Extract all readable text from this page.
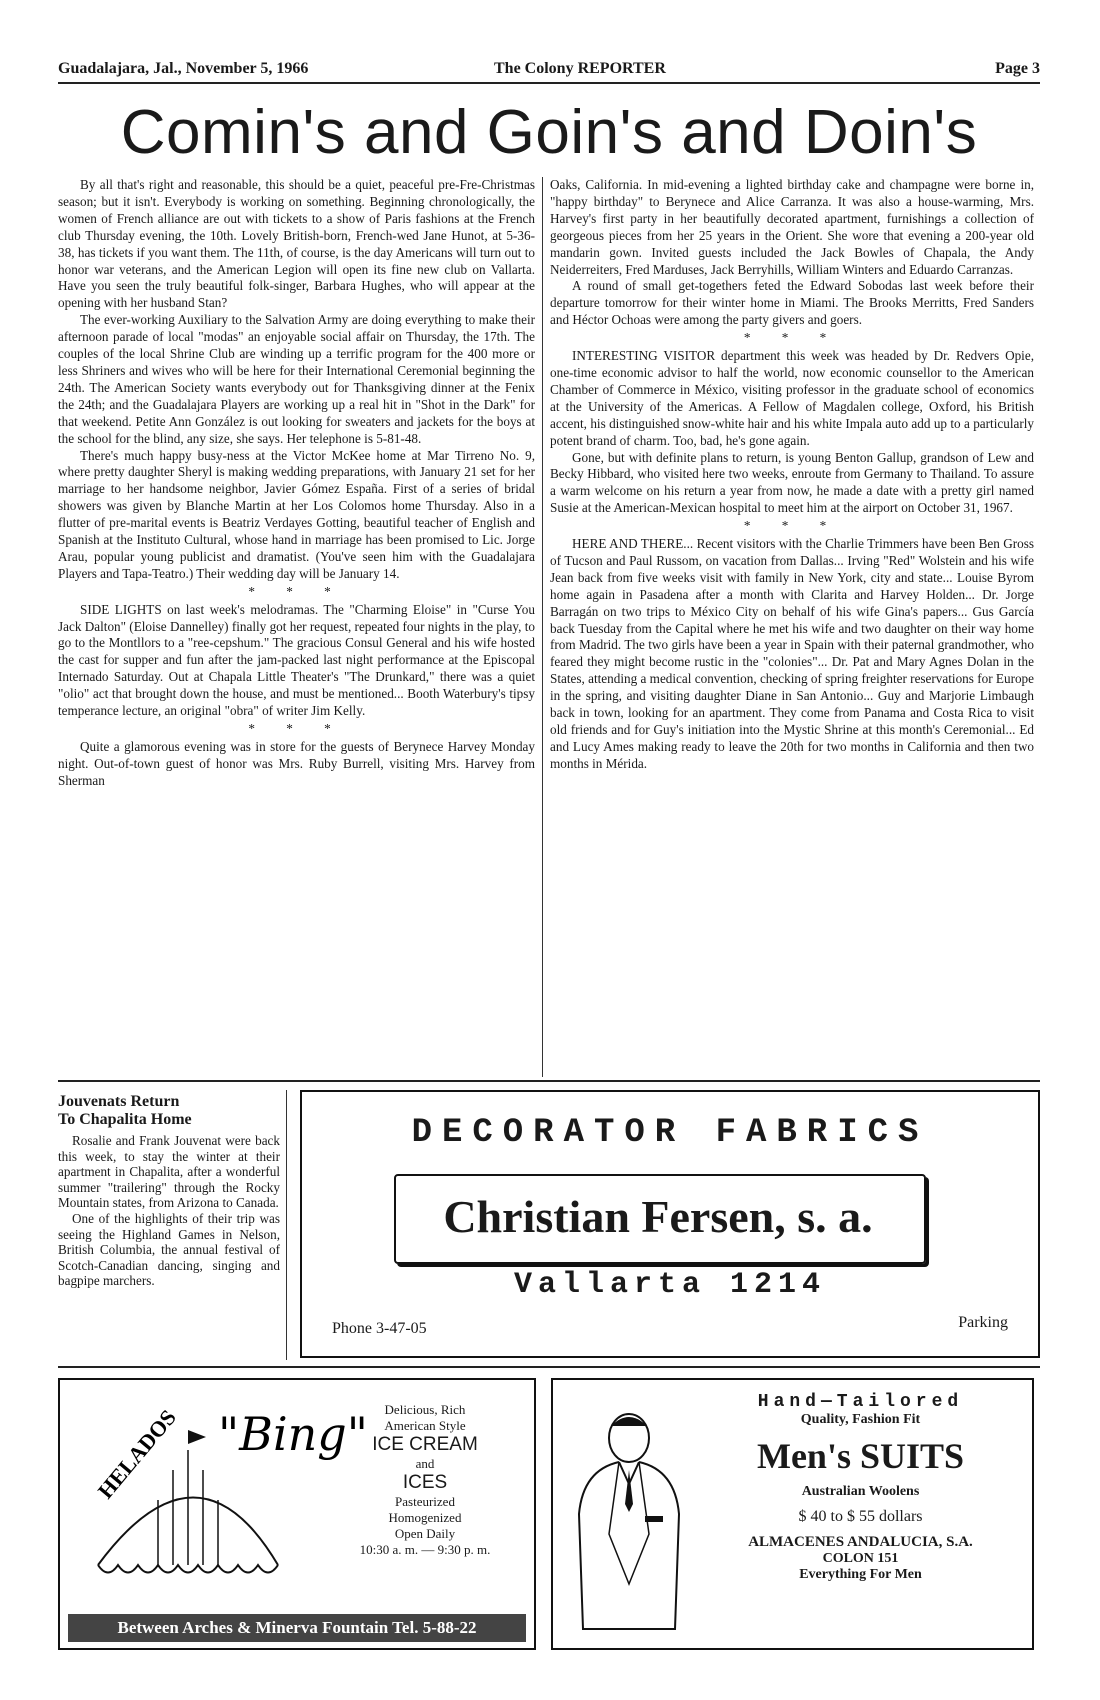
Guadalajara, Jal., November 5, 1966	The Colony REPORTER	Page 3
Comin's and Goin's and Doin's

By all that's right and reasonable, this should be a quiet, peaceful pre-Fre-Christmas season; but it isn't. Everybody is working on something. Beginning chronologically, the women of French alliance are out with tickets to a show of Paris fashions at the French club Thursday evening, the 10th. Lovely British-born, French-wed Jane Hunot, at 5-36-38, has tickets if you want them. The 11th, of course, is the day Americans will turn out to honor war veterans, and the American Legion will open its fine new club on Vallarta. Have you seen the truly beautiful folk-singer, Barbara Hughes, who will appear at the opening with her husband Stan?

The ever-working Auxiliary to the Salvation Army are doing everything to make their afternoon parade of local "modas" an enjoyable social affair on Thursday, the 17th. The couples of the local Shrine Club are winding up a terrific program for the 400 more or less Shriners and wives who will be here for their International Ceremonial beginning the 24th. The American Society wants everybody out for Thanksgiving dinner at the Fenix the 24th; and the Guadalajara Players are working up a real hit in "Shot in the Dark" for that weekend. Petite Ann González is out looking for sweaters and jackets for the boys at the school for the blind, any size, she says. Her telephone is 5-81-48.

There's much happy busy-ness at the Victor McKee home at Mar Tirreno No. 9, where pretty daughter Sheryl is making wedding preparations, with January 21 set for her marriage to her handsome neighbor, Javier Gómez España. First of a series of bridal showers was given by Blanche Martin at her Los Colomos home Thursday. Also in a flutter of pre-marital events is Beatriz Verdayes Gotting, beautiful teacher of English and Spanish at the Instituto Cultural, whose hand in marriage has been promised to Lic. Jorge Arau, popular young publicist and dramatist. (You've seen him with the Guadalajara Players and Tapa-Teatro.) Their wedding day will be January 14.

* * *

SIDE LIGHTS on last week's melodramas. The "Charming Eloise" in "Curse You Jack Dalton" (Eloise Dannelley) finally got her request, repeated four nights in the play, to go to the Montllors to a "ree-cepshum." The gracious Consul General and his wife hosted the cast for supper and fun after the jam-packed last night performance at the Episcopal Internado Saturday. Out at Chapala Little Theater's "The Drunkard," there was a quiet "olio" act that brought down the house, and must be mentioned... Booth Waterbury's tipsy temperance lecture, an original "obra" of writer Jim Kelly.

* * *

Quite a glamorous evening was in store for the guests of Berynece Harvey Monday night. Out-of-town guest of honor was Mrs. Ruby Burrell, visiting Mrs. Harvey from Sherman

Oaks, California. In mid-evening a lighted birthday cake and champagne were borne in, "happy birthday" to Berynece and Alice Carranza. It was also a house-warming, Mrs. Harvey's first party in her beautifully decorated apartment, furnishings a collection of georgeous pieces from her 25 years in the Orient. She wore that evening a 200-year old mandarin gown. Invited guests included the Jack Bowles of Chapala, the Andy Neiderreiters, Fred Marduses, Jack Berryhills, William Winters and Eduardo Carranzas.

A round of small get-togethers feted the Edward Sobodas last week before their departure tomorrow for their winter home in Miami. The Brooks Merritts, Fred Sanders and Héctor Ochoas were among the party givers and goers.

* * *

INTERESTING VISITOR department this week was headed by Dr. Redvers Opie, one-time economic advisor to half the world, now economic counsellor to the American Chamber of Commerce in México, visiting professor in the graduate school of economics at the University of the Americas. A Fellow of Magdalen college, Oxford, his British accent, his distinguished snow-white hair and his white Impala auto add up to a particularly potent brand of charm. Too, bad, he's gone again.

Gone, but with definite plans to return, is young Benton Gallup, grandson of Lew and Becky Hibbard, who visited here two weeks, enroute from Germany to Thailand. To assure a warm welcome on his return a year from now, he made a date with a pretty girl named Susie at the American-Mexican hospital to meet him at the airport on October 31, 1967.

* * *

HERE AND THERE... Recent visitors with the Charlie Trimmers have been Ben Gross of Tucson and Paul Russom, on vacation from Dallas... Irving "Red" Wolstein and his wife Jean back from five weeks visit with family in New York, city and state... Louise Byrom home again in Pasadena after a month with Clarita and Harvey Holden... Dr. Jorge Barragán on two trips to México City on behalf of his wife Gina's papers... Gus García back Tuesday from the Capital where he met his wife and two daughter on their way home from Madrid. The two girls have been a year in Spain with their paternal grandmother, who feared they might become rustic in the "colonies"... Dr. Pat and Mary Agnes Dolan in the States, attending a medical convention, checking of spring freighter reservations for Europe in the spring, and visiting daughter Diane in San Antonio... Guy and Marjorie Limbaugh back in town, looking for an apartment. They come from Panama and Costa Rica to visit old friends and for Guy's initiation into the Mystic Shrine at this month's Ceremonial... Ed and Lucy Ames making ready to leave the 20th for two months in California and then two months in Mérida.

Jouvenats Return
To Chapalita Home

Rosalie and Frank Jouvenat were back this week, to stay the winter at their apartment in Chapalita, after a wonderful summer "trailering" through the Rocky Mountain states, from Arizona to Canada.

One of the highlights of their trip was seeing the Highland Games in Nelson, British Columbia, the annual festival of Scotch-Canadian dancing, singing and bagpipe marchers.

DECORATOR FABRICS
Christian Fersen, s. a.
Vallarta 1214
Phone 3-47-05	Parking
HELADOS "Bing"	Delicious, Rich
American Style
ICE CREAM
and
ICES
Pasteurized
Homogenized
Open Daily
10:30 a. m. — 9:30 p. m.
Between Arches & Minerva Fountain Tel. 5-88-22
Hand—Tailored
Quality, Fashion Fit
Men's SUITS
Australian Woolens
$ 40 to $ 55 dollars
ALMACENES ANDALUCIA, S.A.
COLON 151
Everything For Men
